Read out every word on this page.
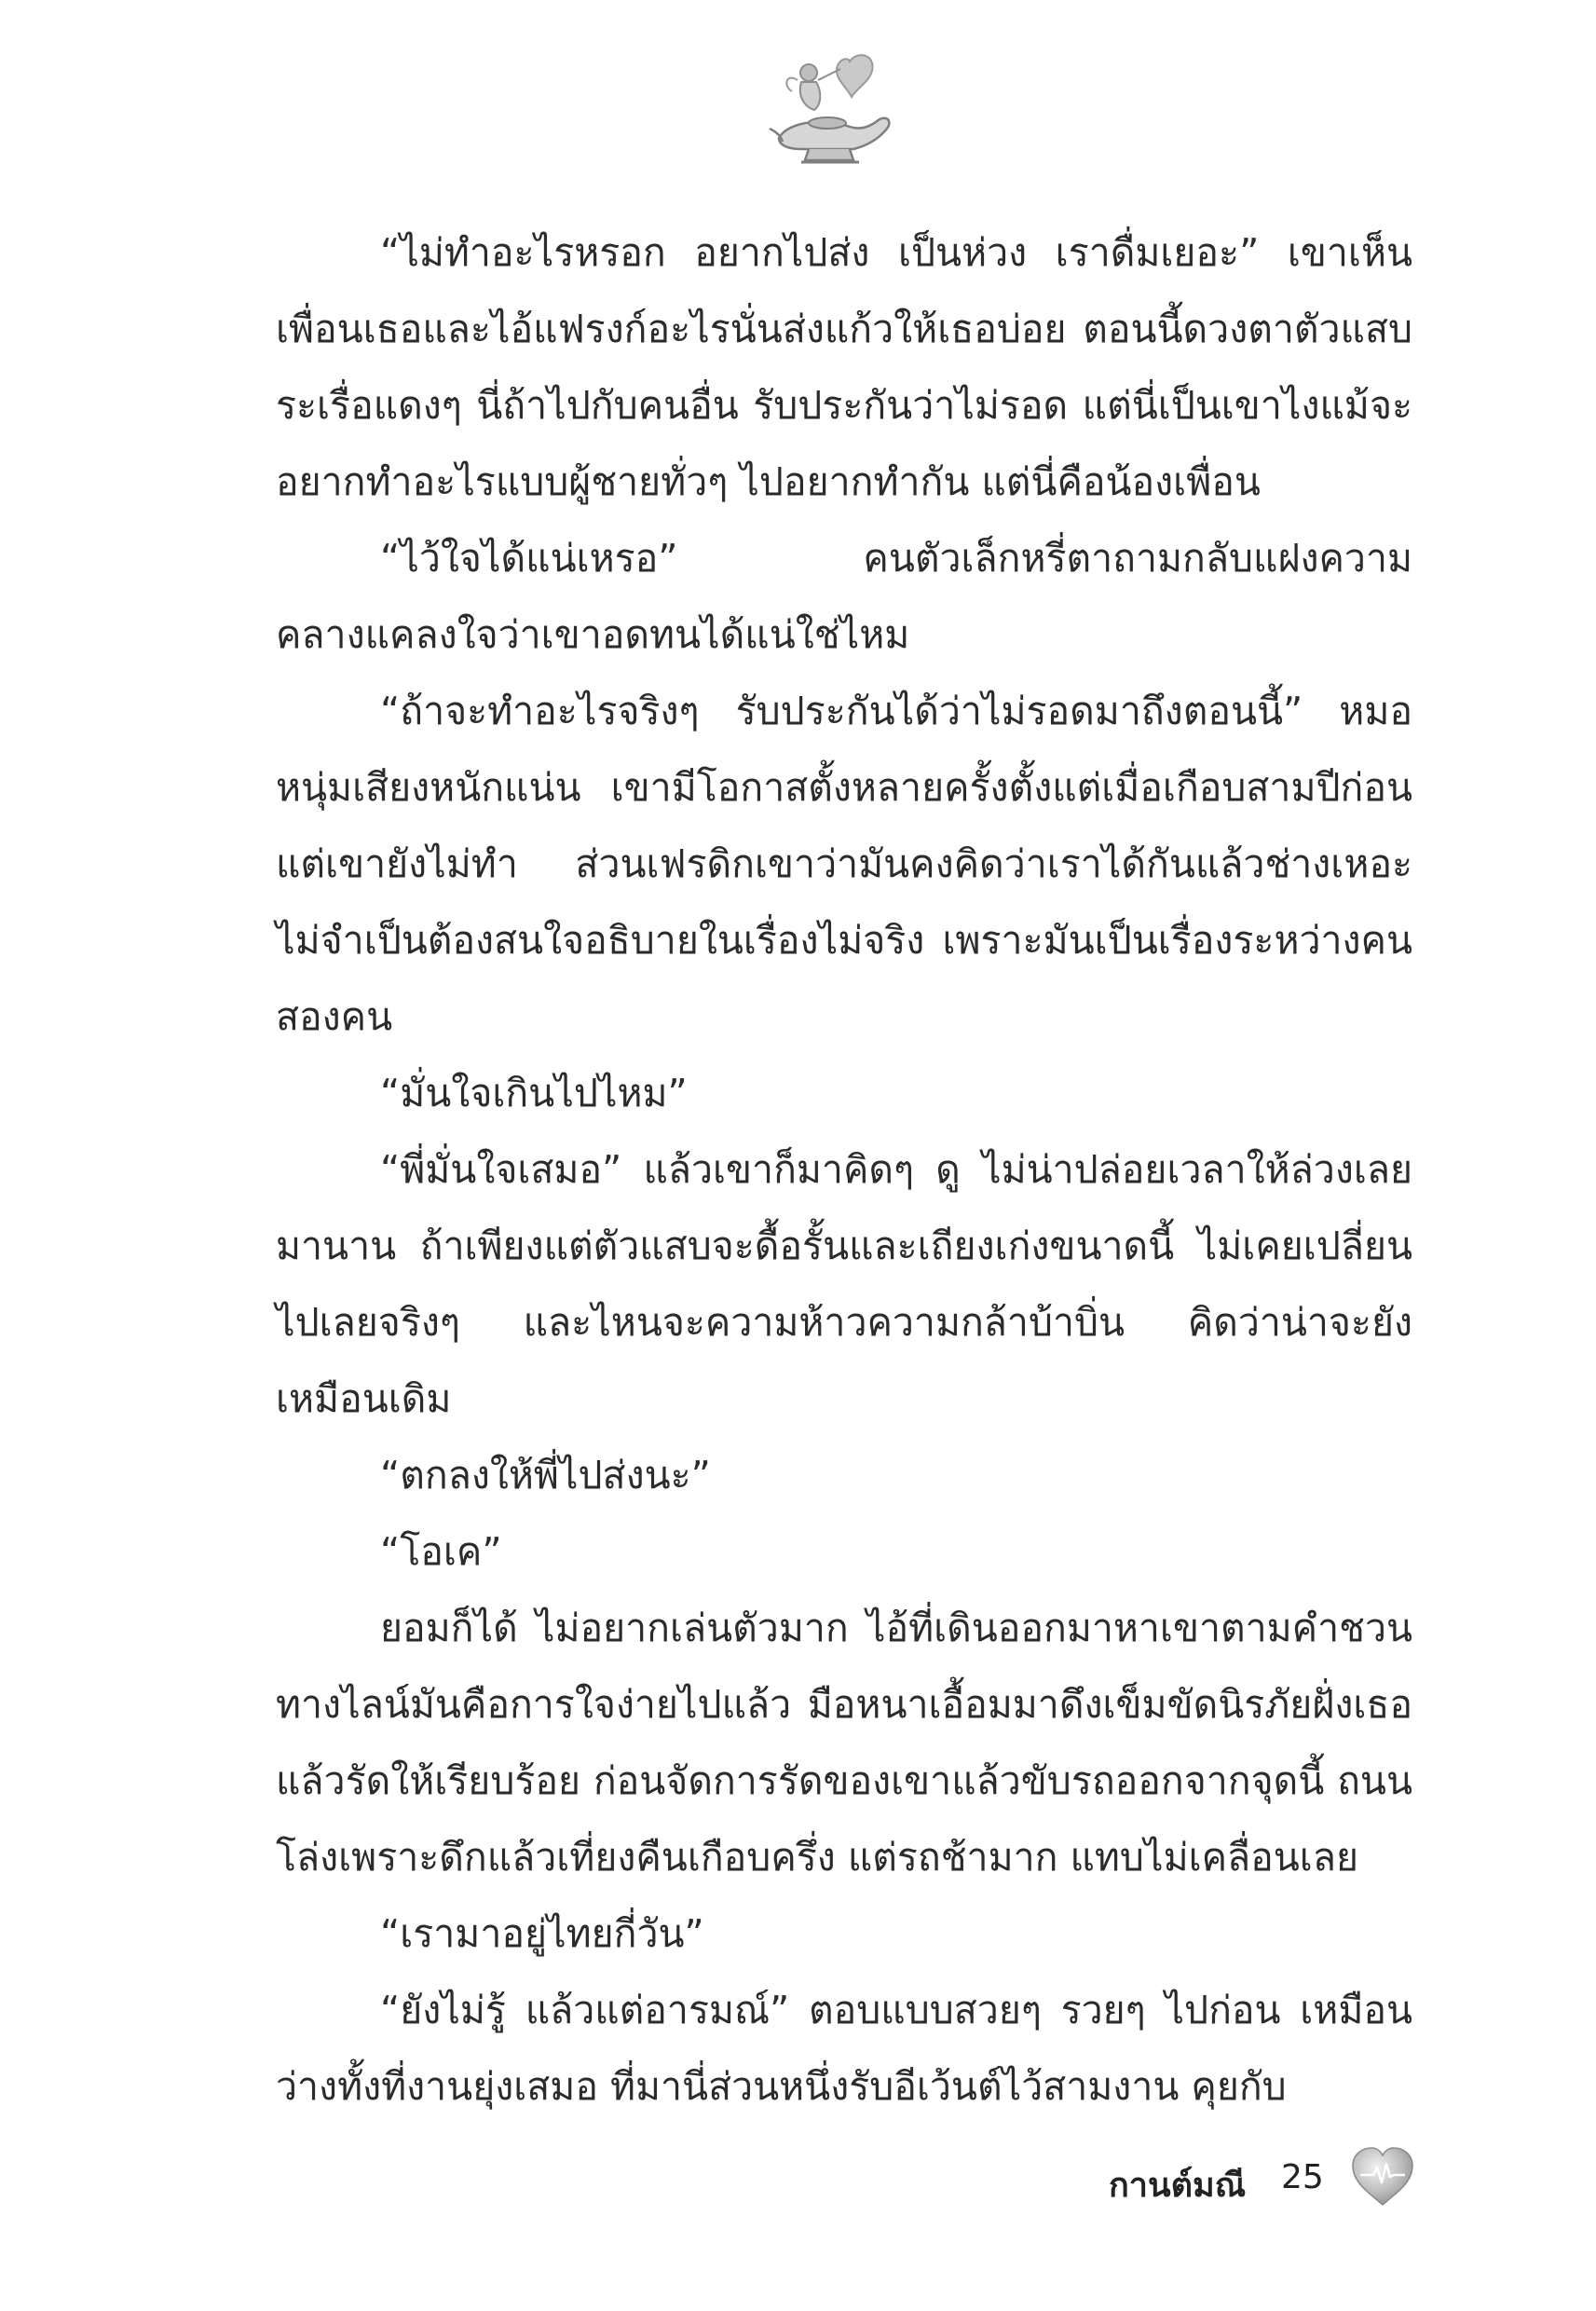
“ไม่ทำอะไรหรอก อยากไปส่ง เป็นห่วง เราดื่มเยอะ” เขาเห็นเพื่อนเธอและไอ้แฟรงก์อะไรนั่นส่งแก้วให้เธอบ่อย ตอนนี้ดวงตาตัวแสบระเรื่อแดงๆ นี่ถ้าไปกับคนอื่น รับประกันว่าไม่รอด แต่นี่เป็นเขาไงแม้จะอยากทำอะไรแบบผู้ชายทั่วๆ ไปอยากทำกัน แต่นี่คือน้องเพื่อน

“ไว้ใจได้แน่เหรอ” คนตัวเล็กหรี่ตาถามกลับแฝงความคลางแคลงใจว่าเขาอดทนได้แน่ใช่ไหม

“ถ้าจะทำอะไรจริงๆ รับประกันได้ว่าไม่รอดมาถึงตอนนี้” หมอหนุ่มเสียงหนักแน่น เขามีโอกาสตั้งหลายครั้งตั้งแต่เมื่อเกือบสามปีก่อน แต่เขายังไม่ทำ ส่วนเฟรดิกเขาว่ามันคงคิดว่าเราได้กันแล้วช่างเหอะ ไม่จำเป็นต้องสนใจอธิบายในเรื่องไม่จริง เพราะมันเป็นเรื่องระหว่างคนสองคน

“มั่นใจเกินไปไหม”

“พี่มั่นใจเสมอ” แล้วเขาก็มาคิดๆ ดู ไม่น่าปล่อยเวลาให้ล่วงเลยมานาน ถ้าเพียงแต่ตัวแสบจะดื้อรั้นและเถียงเก่งขนาดนี้ ไม่เคยเปลี่ยนไปเลยจริงๆ และไหนจะความห้าวความกล้าบ้าบิ่น คิดว่าน่าจะยังเหมือนเดิม

“ตกลงให้พี่ไปส่งนะ”

“โอเค”

ยอมก็ได้ ไม่อยากเล่นตัวมาก ไอ้ที่เดินออกมาหาเขาตามคำชวนทางไลน์มันคือการใจง่ายไปแล้ว มือหนาเอื้อมมาดึงเข็มขัดนิรภัยฝั่งเธอแล้วรัดให้เรียบร้อย ก่อนจัดการรัดของเขาแล้วขับรถออกจากจุดนี้ ถนนโล่งเพราะดึกแล้วเที่ยงคืนเกือบครึ่ง แต่รถช้ามาก แทบไม่เคลื่อนเลย

“เรามาอยู่ไทยกี่วัน”

“ยังไม่รู้ แล้วแต่อารมณ์” ตอบแบบสวยๆ รวยๆ ไปก่อน เหมือนว่างทั้งที่งานยุ่งเสมอ ที่มานี่ส่วนหนึ่งรับอีเว้นต์ไว้สามงาน คุยกับ

กานต์มณี 25
